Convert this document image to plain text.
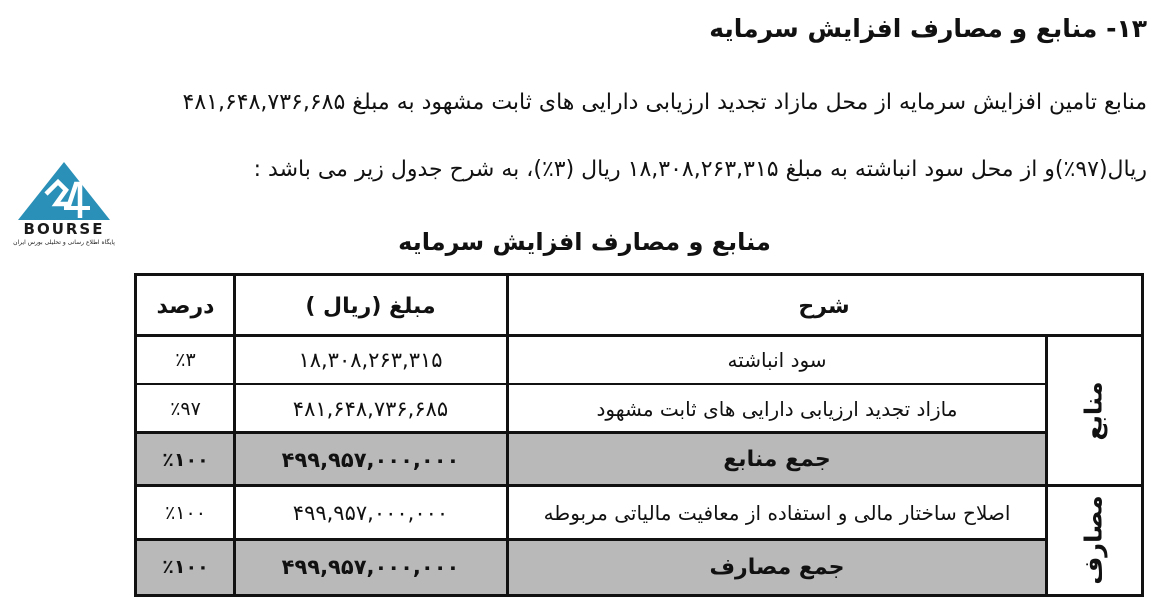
۱۳- منابع و مصارف افزایش سرمایه
منابع تامین افزایش سرمایه از محل مازاد تجدید ارزیابی دارایی های ثابت مشهود به مبلغ ۴۸۱,۶۴۸,۷۳۶,۶۸۵
ریال(۹۷٪)و از محل سود انباشته به مبلغ ۱۸,۳۰۸,۲۶۳,۳۱۵ ریال (۳٪)، به شرح جدول زیر می باشد :
BOURSE
پایگاه اطلاع رسانی و تحلیلی بورس ایران	منابع و مصارف افزایش سرمایه
شرح
مبلغ (ریال )
درصد
منابع
سود انباشته
۱۸,۳۰۸,۲۶۳,۳۱۵
٪۳
مازاد تجدید ارزیابی دارایی های ثابت مشهود
۴۸۱,۶۴۸,۷۳۶,۶۸۵
٪۹۷
جمع منابع
۴۹۹,۹۵۷,۰۰۰,۰۰۰
٪۱۰۰
مصارف
اصلاح ساختار مالی و استفاده از معافیت مالیاتی مربوطه
۴۹۹,۹۵۷,۰۰۰,۰۰۰
٪۱۰۰
جمع مصارف
۴۹۹,۹۵۷,۰۰۰,۰۰۰
٪۱۰۰
